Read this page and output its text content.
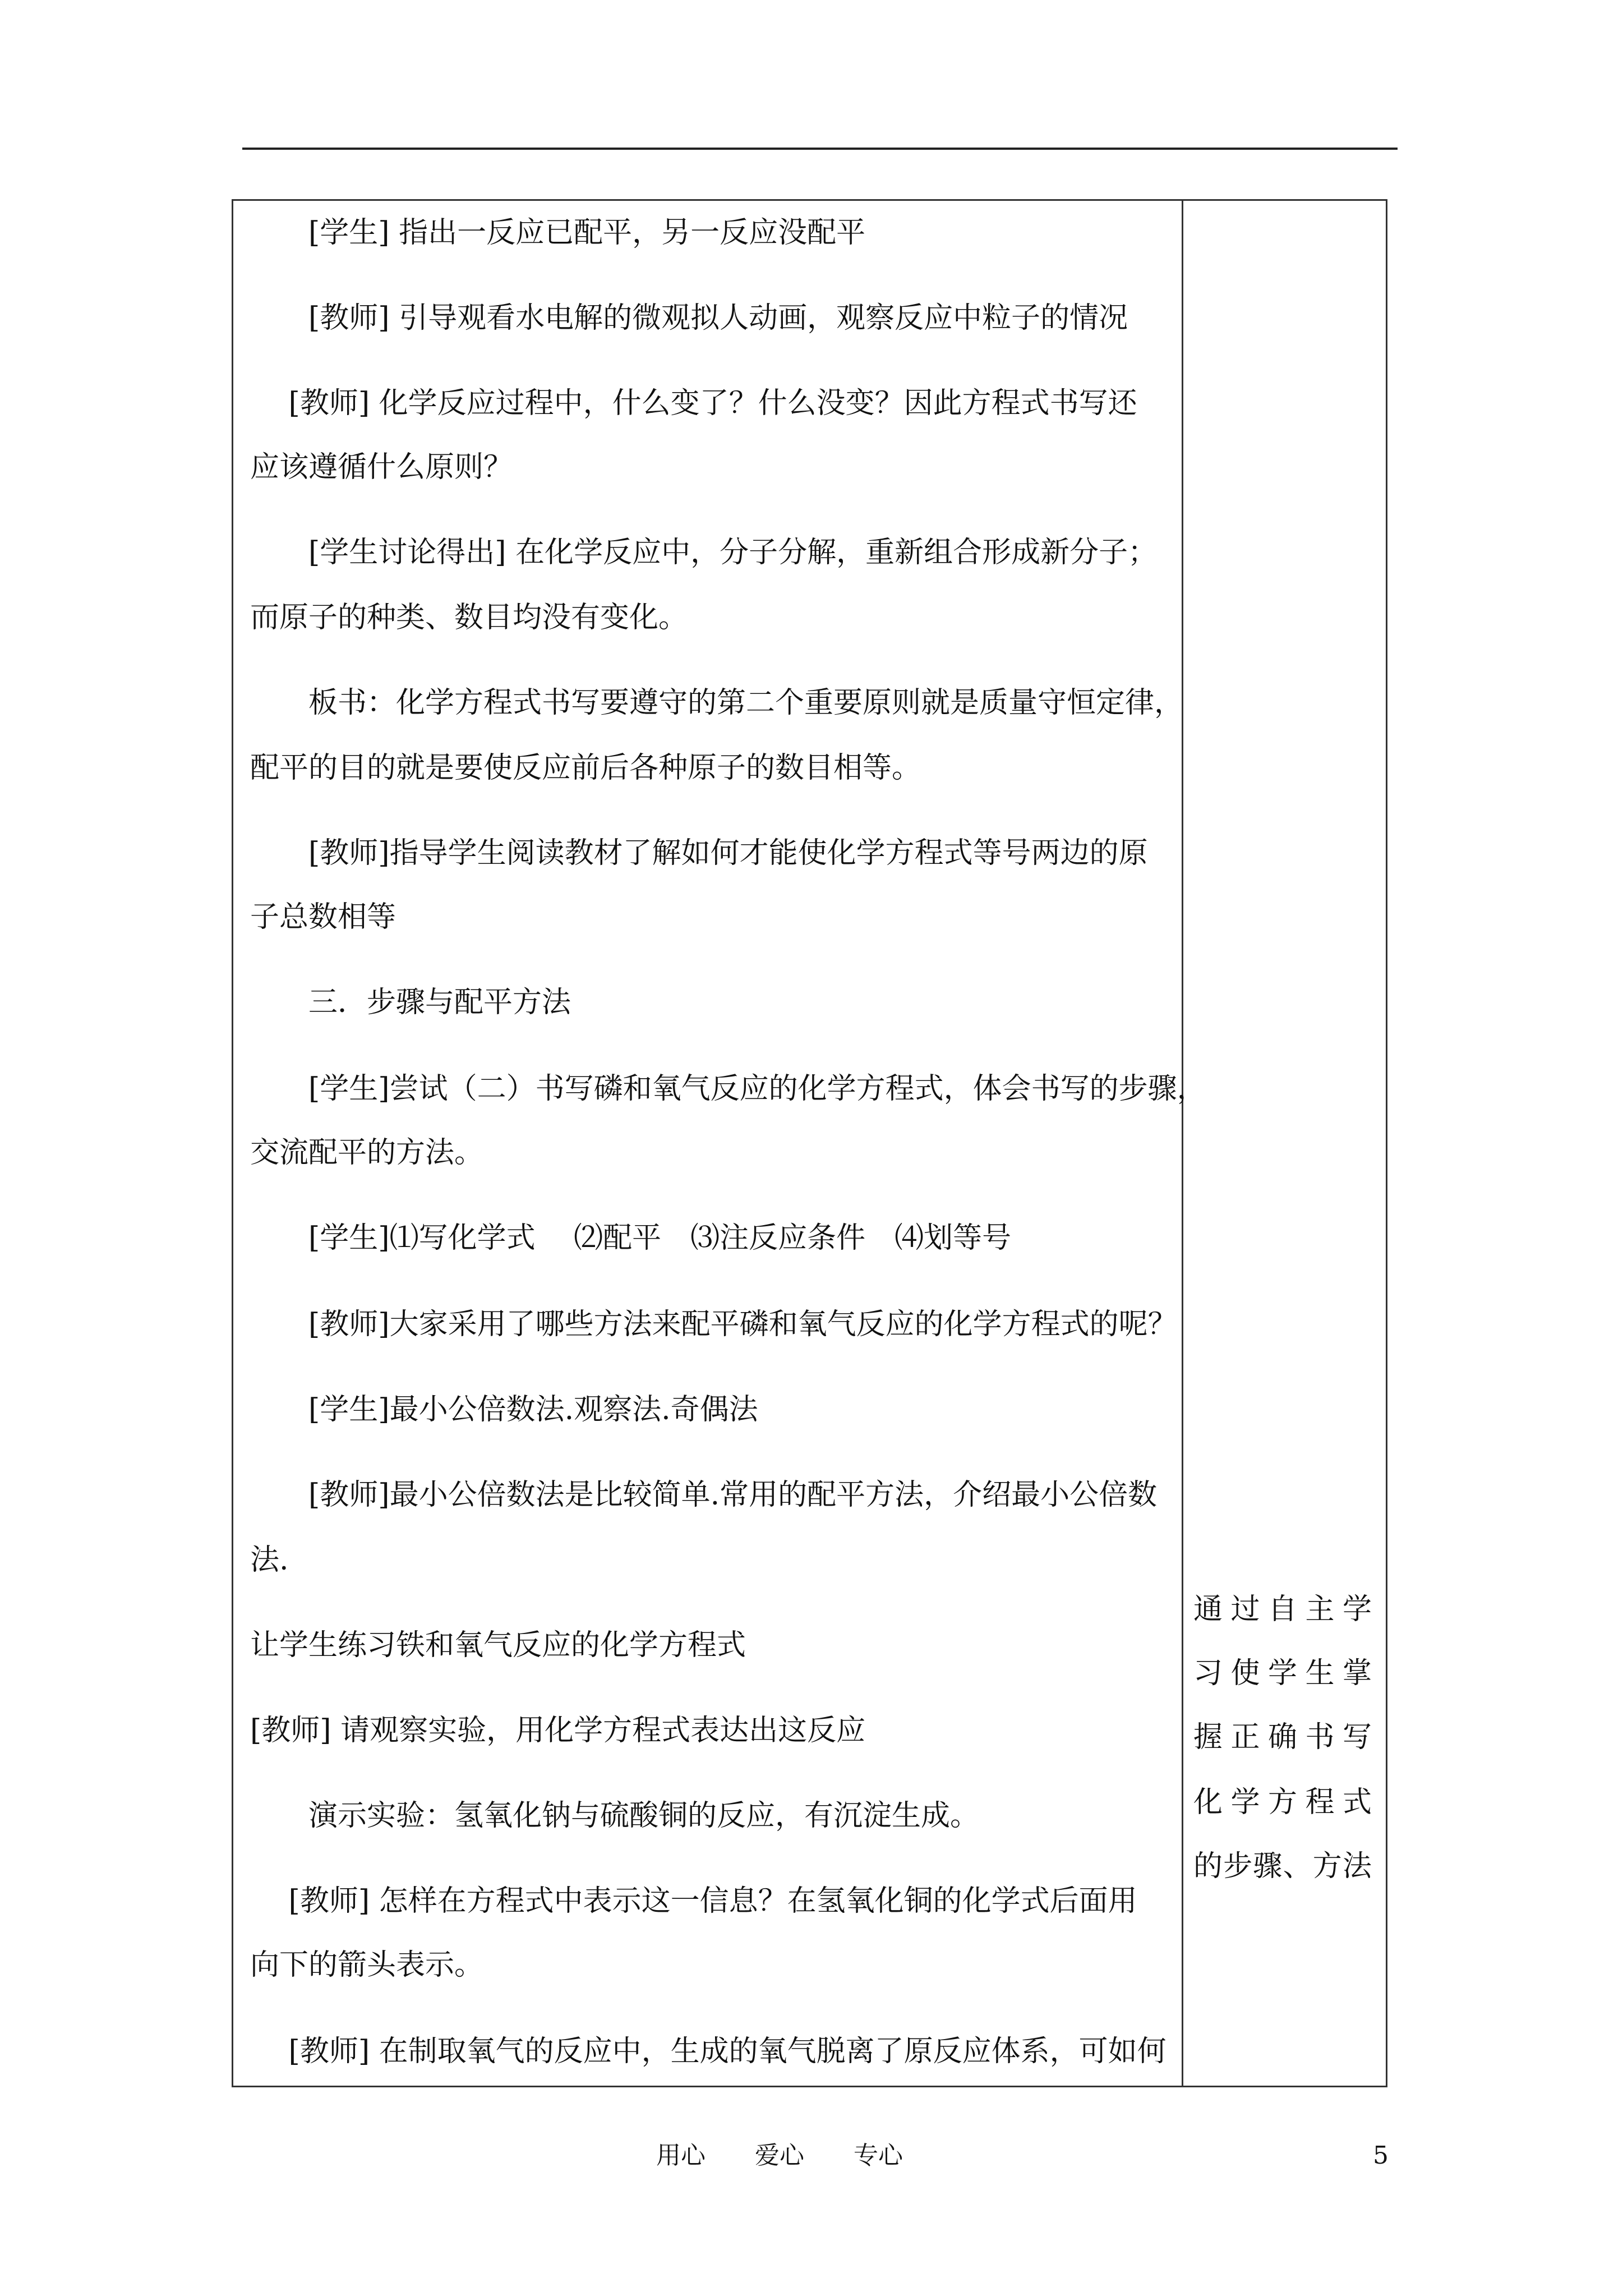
　　[学生] 指出一反应已配平，另一反应没配平
　　[教师] 引导观看水电解的微观拟人动画，观察反应中粒子的情况
　 [教师] 化学反应过程中，什么变了？什么没变？因此方程式书写还
应该遵循什么原则？
　　[学生讨论得出] 在化学反应中，分子分解，重新组合形成新分子；
而原子的种类、数目均没有变化。
　　板书：化学方程式书写要遵守的第二个重要原则就是质量守恒定律，
配平的目的就是要使反应前后各种原子的数目相等。
　　[教师]指导学生阅读教材了解如何才能使化学方程式等号两边的原
子总数相等
　　三．步骤与配平方法
　　[学生]尝试（二）书写磷和氧气反应的化学方程式，体会书写的步骤，
交流配平的方法。
　　[学生]⑴写化学式　 ⑵配平　⑶注反应条件　⑷划等号
　　[教师]大家采用了哪些方法来配平磷和氧气反应的化学方程式的呢？
　　[学生]最小公倍数法.观察法.奇偶法
　　[教师]最小公倍数法是比较简单.常用的配平方法，介绍最小公倍数
法.
让学生练习铁和氧气反应的化学方程式
[教师] 请观察实验，用化学方程式表达出这反应
　　演示实验：氢氧化钠与硫酸铜的反应，有沉淀生成。
　 [教师] 怎样在方程式中表示这一信息？在氢氧化铜的化学式后面用
向下的箭头表示。
　 [教师] 在制取氧气的反应中，生成的氧气脱离了原反应体系，可如何
通过自主学
习使学生掌
握正确书写
化学方程式
的步骤、方法
用心　　爱心　　专心	5
